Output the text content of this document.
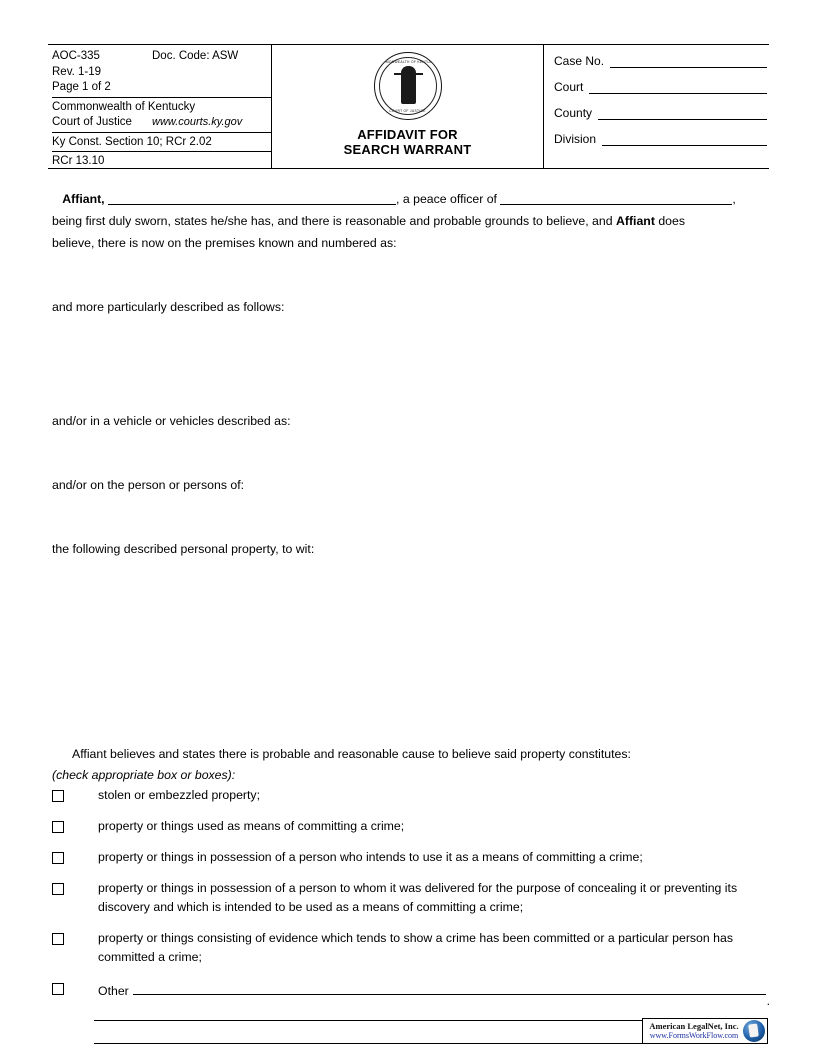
AOC-335	Doc. Code: ASW
Rev. 1-19
Page 1 of 2
Commonwealth of Kentucky
Court of Justice www.courts.ky.gov
Ky Const. Section 10; RCr 2.02
RCr 13.10
COMMONWEALTH OF KENTUCKY
COURT OF JUSTICE
AFFIDAVIT FOR
SEARCH WARRANT
Case No.
Court
County
Division

Affiant,	, a peace officer of	,

being first duly sworn, states he/she has, and there is reasonable and probable grounds to believe, and Affiant does

believe, there is now on the premises known and numbered as:

and more particularly described as follows:
and/or in a vehicle or vehicles described as:
and/or on the person or persons of:
the following described personal property, to wit:
Affiant believes and states there is probable and reasonable cause to believe said property constitutes:
(check appropriate box or boxes):
stolen or embezzled property;
property or things used as means of committing a crime;
property or things in possession of a person who intends to use it as a means of committing a crime;
property or things in possession of a person to whom it was delivered for the purpose of concealing it or preventing its discovery and which is intended to be used as a means of committing a crime;
property or things consisting of evidence which tends to show a crime has been committed or a particular person has committed a crime;
Other
.
American LegalNet, Inc.
www.FormsWorkFlow.com
